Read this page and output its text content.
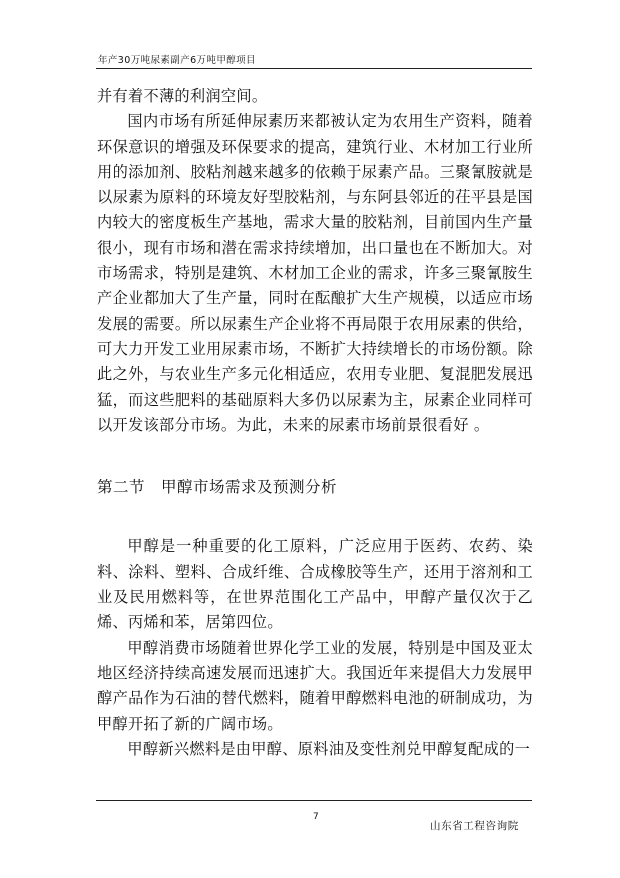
年产30万吨尿素副产6万吨甲醇项目

并有着不薄的利润空间。

国内市场有所延伸尿素历来都被认定为农用生产资料，随着环保意识的增强及环保要求的提高，建筑行业、木材加工行业所用的添加剂、胶粘剂越来越多的依赖于尿素产品。三聚氰胺就是以尿素为原料的环境友好型胶粘剂，与东阿县邻近的茌平县是国内较大的密度板生产基地，需求大量的胶粘剂，目前国内生产量很小，现有市场和潜在需求持续增加，出口量也在不断加大。对市场需求，特别是建筑、木材加工企业的需求，许多三聚氰胺生产企业都加大了生产量，同时在酝酿扩大生产规模，以适应市场发展的需要。所以尿素生产企业将不再局限于农用尿素的供给，可大力开发工业用尿素市场，不断扩大持续增长的市场份额。除此之外，与农业生产多元化相适应，农用专业肥、复混肥发展迅猛，而这些肥料的基础原料大多仍以尿素为主，尿素企业同样可以开发该部分市场。为此，未来的尿素市场前景很看好 。

第二节　甲醇市场需求及预测分析

甲醇是一种重要的化工原料，广泛应用于医药、农药、染料、涂料、塑料、合成纤维、合成橡胶等生产，还用于溶剂和工业及民用燃料等，在世界范围化工产品中，甲醇产量仅次于乙烯、丙烯和苯，居第四位。

甲醇消费市场随着世界化学工业的发展，特别是中国及亚太地区经济持续高速发展而迅速扩大。我国近年来提倡大力发展甲醇产品作为石油的替代燃料，随着甲醇燃料电池的研制成功，为甲醇开拓了新的广阔市场。

甲醇新兴燃料是由甲醇、原料油及变性剂兑甲醇复配成的一

7
山东省工程咨询院
